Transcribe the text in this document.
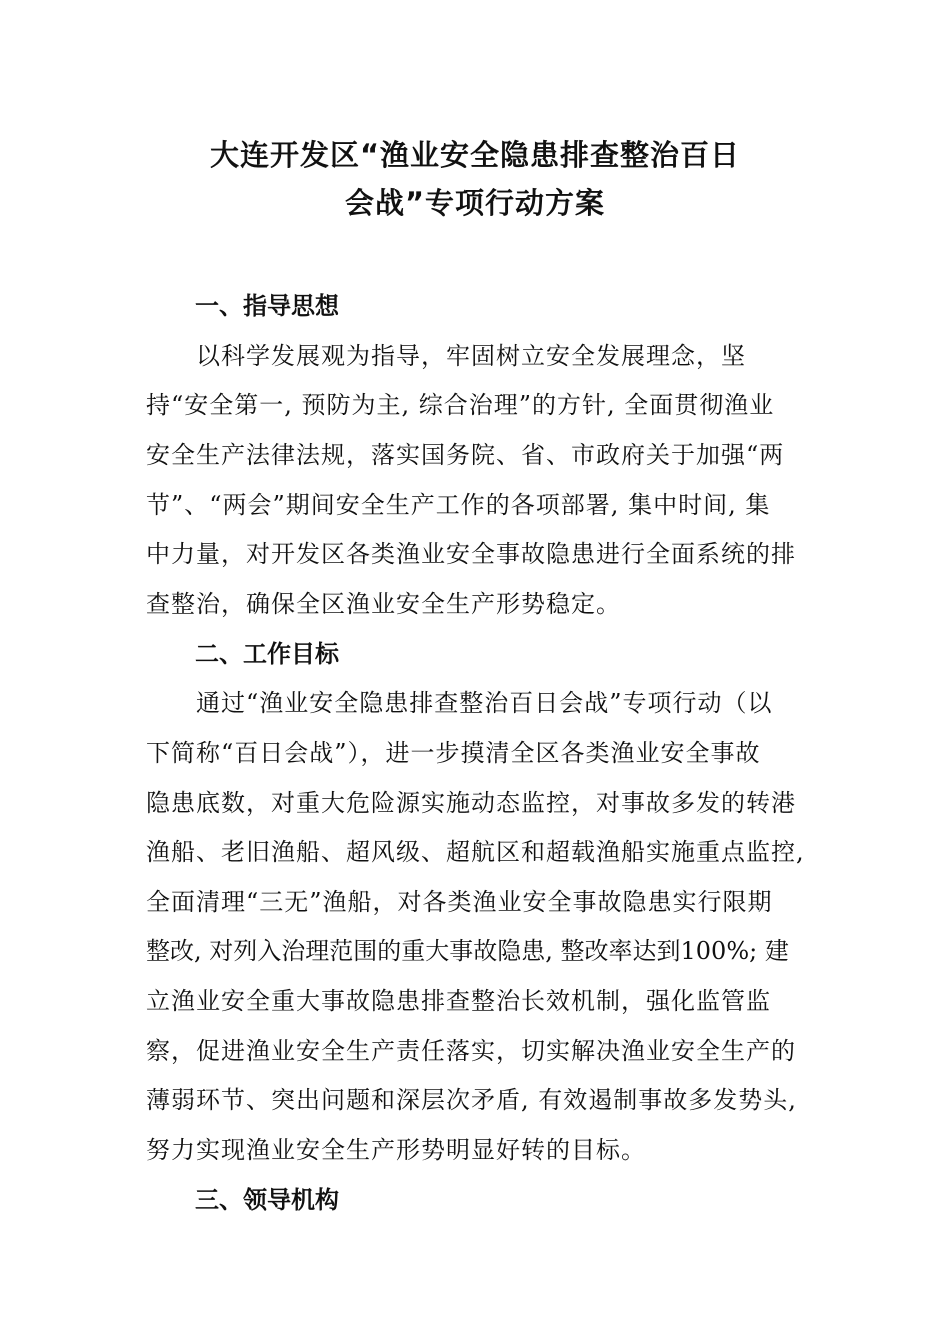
大连开发区“渔业安全隐患排查整治百日
会战”专项行动方案
一、指导思想
以科学发展观为指导，牢固树立安全发展理念，坚
持“安全第一, 预防为主, 综合治理”的方针, 全面贯彻渔业
安全生产法律法规，落实国务院、省、市政府关于加强“两
节”、“两会”期间安全生产工作的各项部署, 集中时间, 集
中力量，对开发区各类渔业安全事故隐患进行全面系统的排
查整治，确保全区渔业安全生产形势稳定。
二、工作目标
通过“渔业安全隐患排查整治百日会战”专项行动（以
下简称“百日会战”），进一步摸清全区各类渔业安全事故
隐患底数，对重大危险源实施动态监控，对事故多发的转港
渔船、老旧渔船、超风级、超航区和超载渔船实施重点监控,
全面清理“三无”渔船，对各类渔业安全事故隐患实行限期
整改, 对列入治理范围的重大事故隐患, 整改率达到100%; 建
立渔业安全重大事故隐患排查整治长效机制，强化监管监
察，促进渔业安全生产责任落实，切实解决渔业安全生产的
薄弱环节、突出问题和深层次矛盾, 有效遏制事故多发势头,
努力实现渔业安全生产形势明显好转的目标。
三、领导机构
